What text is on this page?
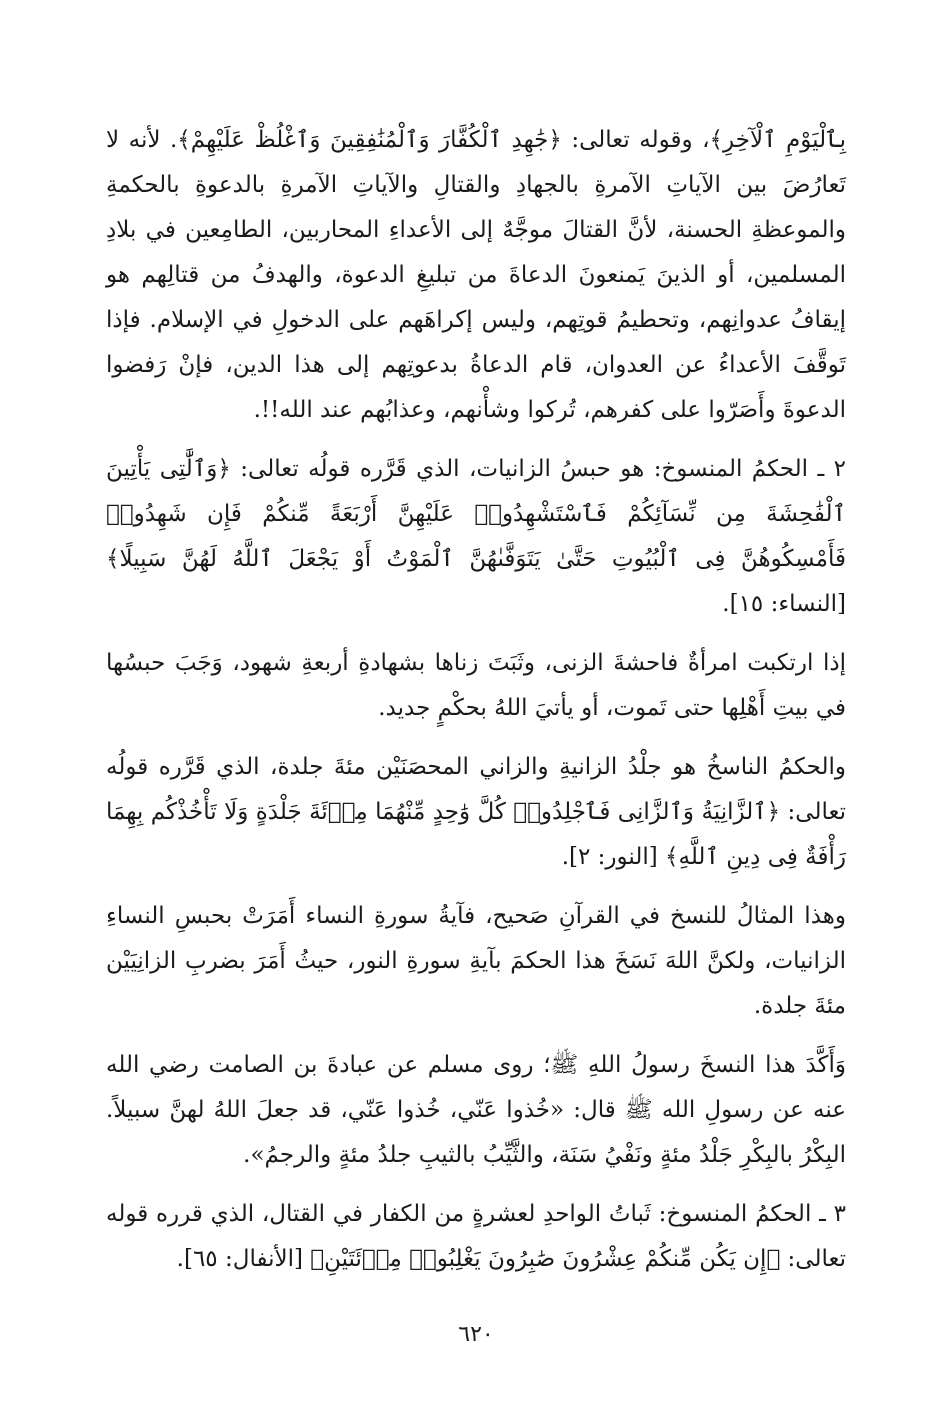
بِٱلْيَوْمِ ٱلْآخِرِ﴾، وقوله تعالى: ﴿جَٰهِدِ ٱلْكُفَّارَ وَٱلْمُنَٰفِقِينَ وَٱغْلُظْ عَلَيْهِمْ﴾. لأنه لا تَعارُضَ بين الآياتِ الآمرةِ بالجهادِ والقتالِ والآياتِ الآمرةِ بالدعوةِ بالحكمةِ والموعظةِ الحسنة، لأنَّ القتالَ موجَّهٌ إلى الأعداءِ المحاربين، الطامِعين في بلادِ المسلمين، أو الذينَ يَمنعونَ الدعاةَ من تبليغِ الدعوة، والهدفُ من قتالِهم هو إيقافُ عدوانِهم، وتحطيمُ قوتِهم، وليس إكراهَهم على الدخولِ في الإسلام. فإذا تَوقَّفَ الأعداءُ عن العدوان، قام الدعاةُ بدعوتِهم إلى هذا الدين، فإنْ رَفضوا الدعوةَ وأَصَرّوا على كفرهم، تُركوا وشأْنهم، وعذابُهم عند الله!!.

٢ ـ الحكمُ المنسوخ: هو حبسُ الزانيات، الذي قَرَّره قولُه تعالى: ﴿وَٱلَّٰتِى يَأْتِينَ ٱلْفَٰحِشَةَ مِن نِّسَآئِكُمْ فَٱسْتَشْهِدُوا۟ عَلَيْهِنَّ أَرْبَعَةً مِّنكُمْ فَإِن شَهِدُوا۟ فَأَمْسِكُوهُنَّ فِى ٱلْبُيُوتِ حَتَّىٰ يَتَوَفَّىٰهُنَّ ٱلْمَوْتُ أَوْ يَجْعَلَ ٱللَّهُ لَهُنَّ سَبِيلًا﴾ [النساء: ١٥].

إذا ارتكبت امرأةٌ فاحشةَ الزنى، وثَبَتَ زناها بشهادةِ أربعةِ شهود، وَجَبَ حبسُها في بيتِ أَهْلِها حتى تَموت، أو يأتيَ اللهُ بحكْمٍ جديد.

والحكمُ الناسخُ هو جلْدُ الزانيةِ والزاني المحصَنَيْن مئةَ جلدة، الذي قَرَّره قولُه تعالى: ﴿ٱلزَّانِيَةُ وَٱلزَّانِى فَٱجْلِدُوا۟ كُلَّ وَٰحِدٍ مِّنْهُمَا مِا۟ئَةَ جَلْدَةٍ وَلَا تَأْخُذْكُم بِهِمَا رَأْفَةٌ فِى دِينِ ٱللَّهِ﴾ [النور: ٢].

وهذا المثالُ للنسخ في القرآنِ صَحيح، فآيةُ سورةِ النساء أَمَرَتْ بحبسِ النساءِ الزانيات، ولكنَّ اللهَ نَسَخَ هذا الحكمَ بآيةِ سورةِ النور، حيثُ أَمَرَ بضربِ الزانِيَيْن مئةَ جلدة.

وَأَكَّدَ هذا النسخَ رسولُ اللهِ ﷺ؛ روى مسلم عن عبادةَ بن الصامت رضي الله عنه عن رسولِ الله ﷺ قال: «خُذوا عَنّي، خُذوا عَنّي، قد جعلَ اللهُ لهنَّ سبيلاً. البِكْرُ بالبِكْرِ جَلْدُ مئةٍ ونَفْيُ سَنَة، والثَّيِّبُ بالثيبِ جلدُ مئةٍ والرجمُ».

٣ ـ الحكمُ المنسوخ: ثَباتُ الواحدِ لعشرةٍ من الكفار في القتال، الذي قرره قوله تعالى: ﴿إِن يَكُن مِّنكُمْ عِشْرُونَ صَٰبِرُونَ يَغْلِبُوا۟ مِا۟ئَتَيْنِ﴾ [الأنفال: ٦٥].

٦٢٠
